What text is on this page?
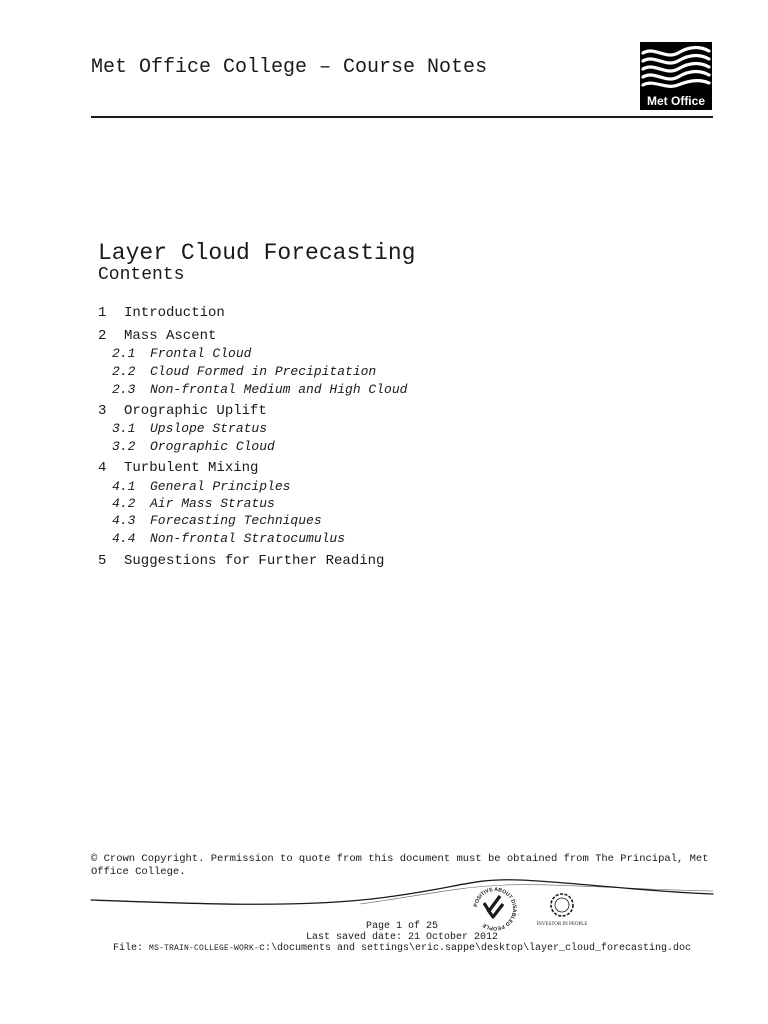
Met Office College – Course Notes
Met Office
Layer Cloud Forecasting
Contents
1 Introduction
2 Mass Ascent
2.1 Frontal Cloud
2.2 Cloud Formed in Precipitation
2.3 Non-frontal Medium and High Cloud
3 Orographic Uplift
3.1 Upslope Stratus
3.2 Orographic Cloud
4 Turbulent Mixing
4.1 General Principles
4.2 Air Mass Stratus
4.3 Forecasting Techniques
4.4 Non-frontal Stratocumulus
5 Suggestions for Further Reading
© Crown Copyright. Permission to quote from this document must be obtained from The Principal, Met Office College.
POSITIVE ABOUT DISABLED PEOPLE	INVESTOR IN PEOPLE
Page 1 of 25
Last saved date: 21 October 2012
File: MS-TRAIN-COLLEGE-WORK-c:\documents and settings\eric.sappe\desktop\layer_cloud_forecasting.doc
